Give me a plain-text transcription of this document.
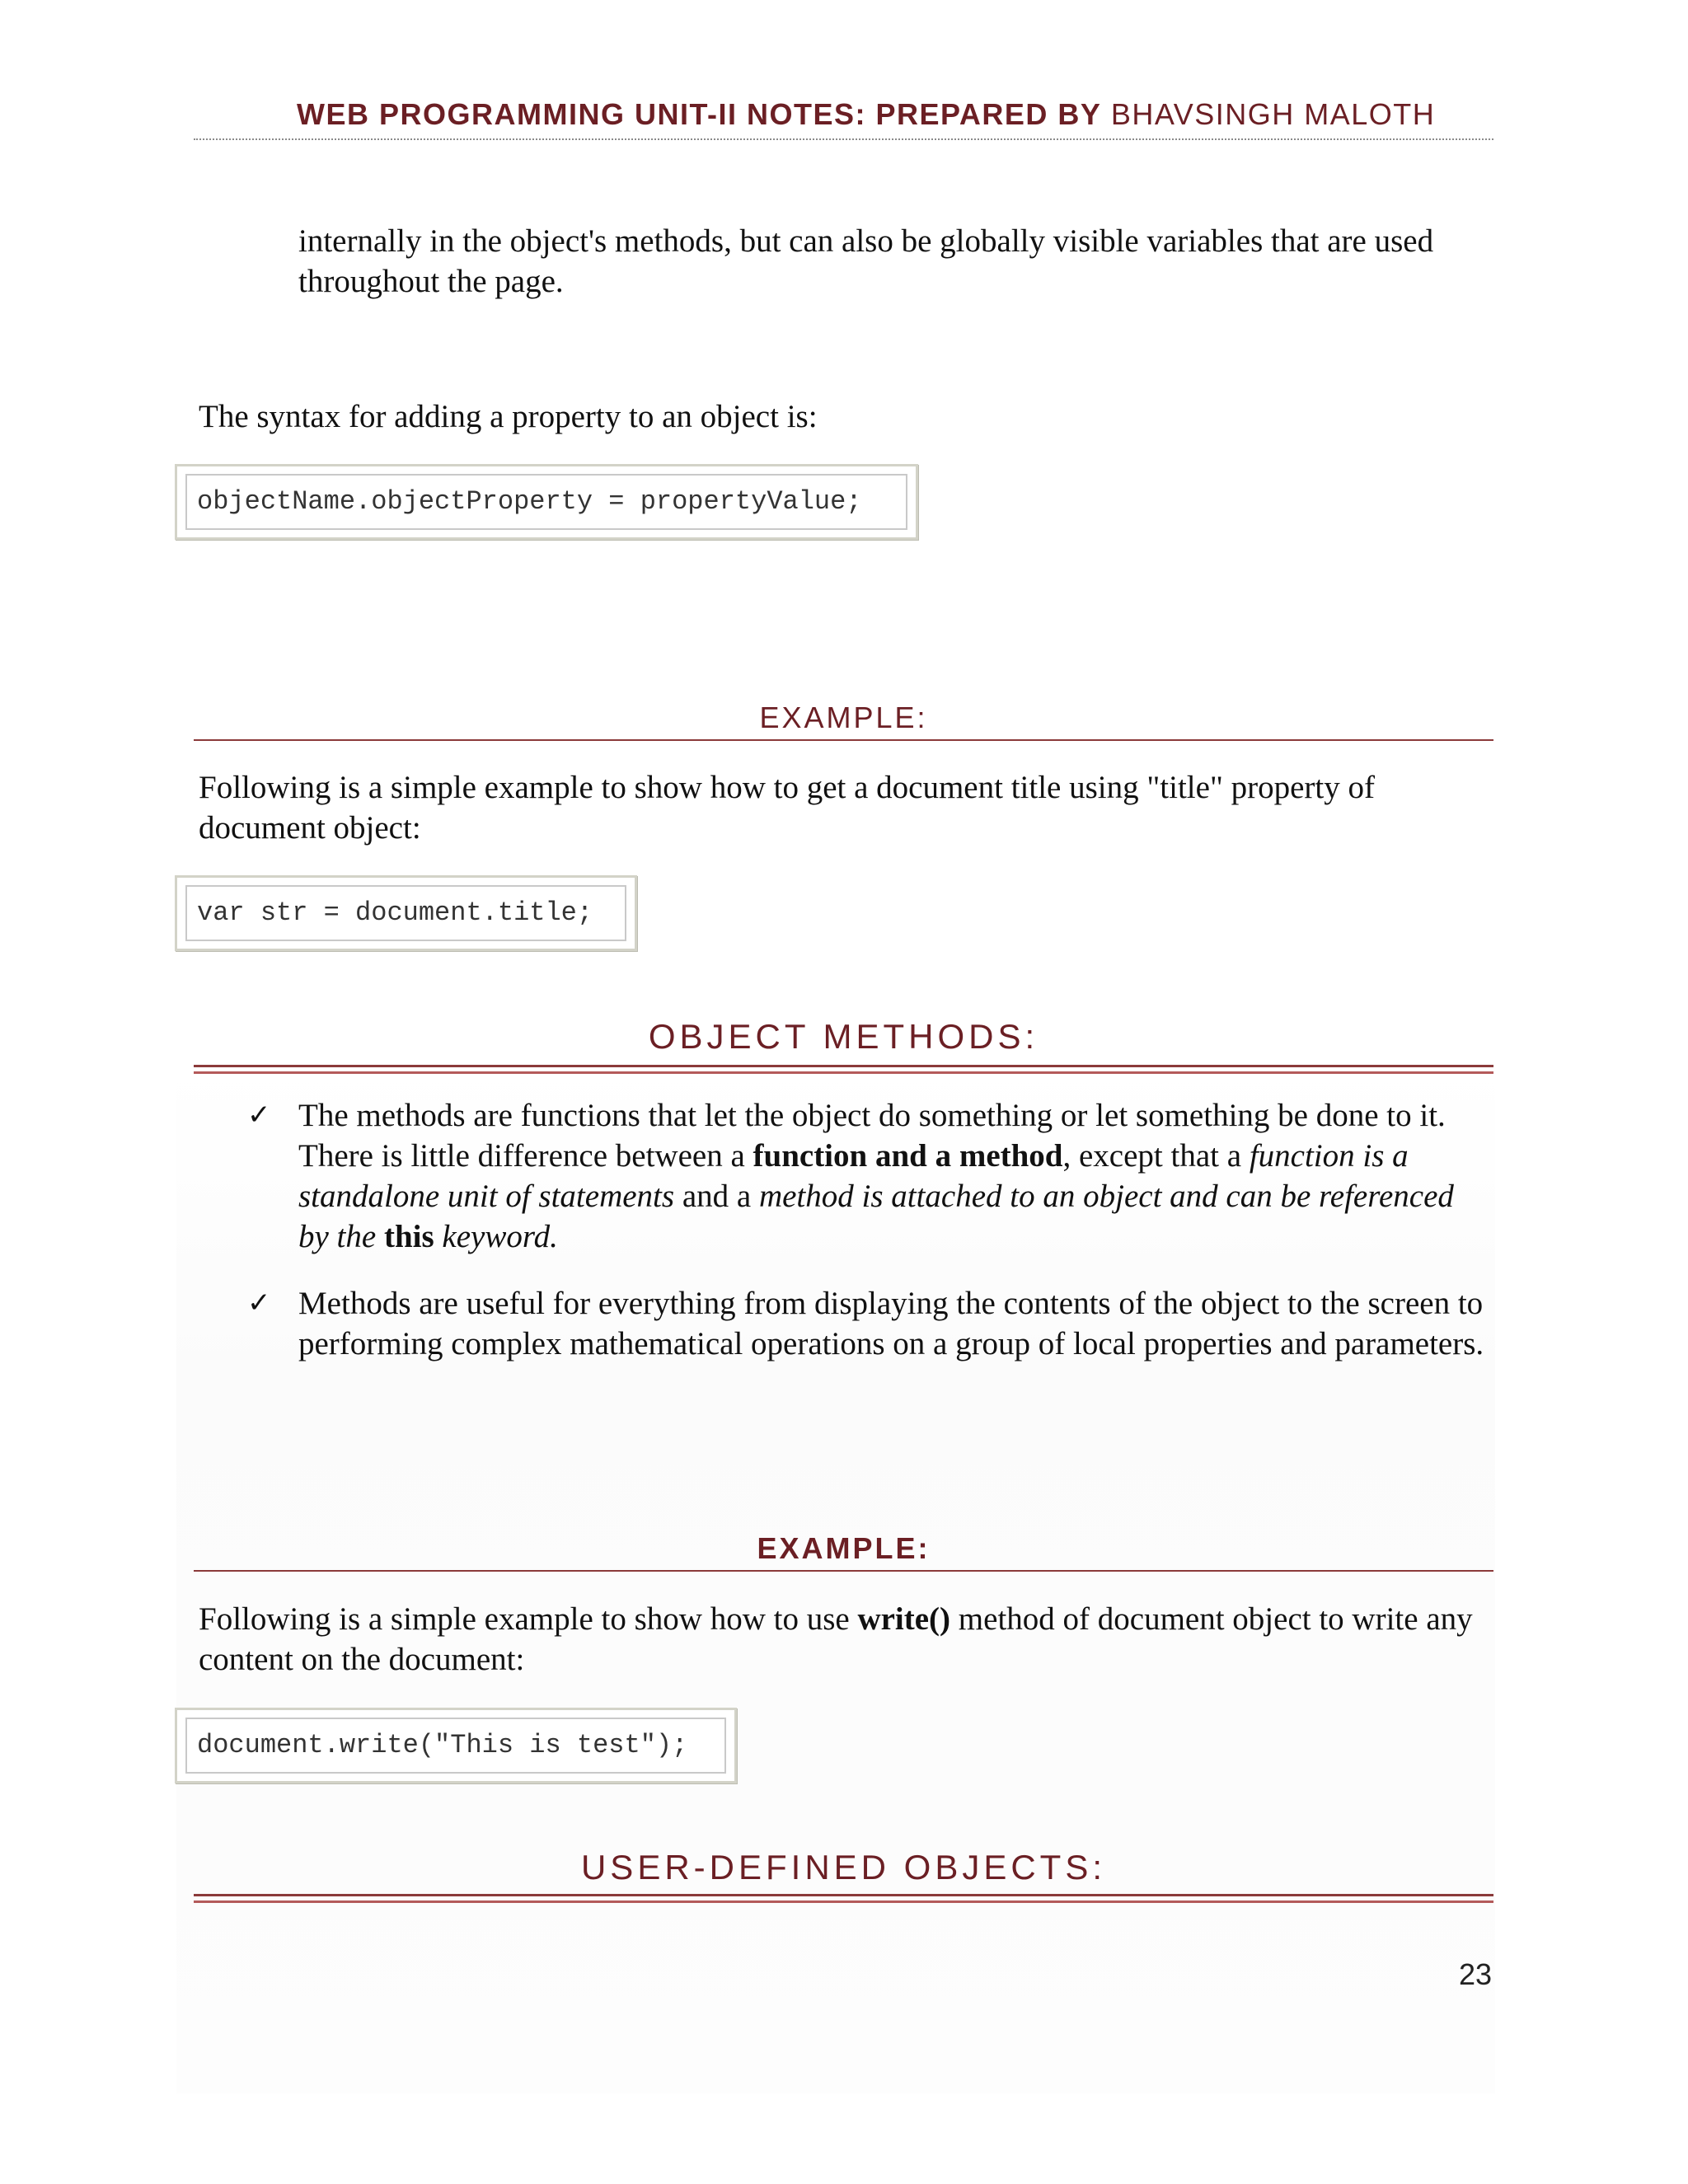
WEB PROGRAMMING UNIT-II NOTES: PREPARED BY BHAVSINGH MALOTH
internally in the object's methods, but can also be globally visible variables that are used throughout the page.
The syntax for adding a property to an object is:
objectName.objectProperty = propertyValue;
EXAMPLE:
Following is a simple example to show how to get a document title using "title" property of document object:
var str = document.title;
OBJECT METHODS:
✓ The methods are functions that let the object do something or let something be done to it. There is little difference between a function and a method, except that a function is a standalone unit of statements and a method is attached to an object and can be referenced by the this keyword.
✓ Methods are useful for everything from displaying the contents of the object to the screen to performing complex mathematical operations on a group of local properties and parameters.
EXAMPLE:
Following is a simple example to show how to use write() method of document object to write any content on the document:
document.write("This is test");
USER-DEFINED OBJECTS:
23
